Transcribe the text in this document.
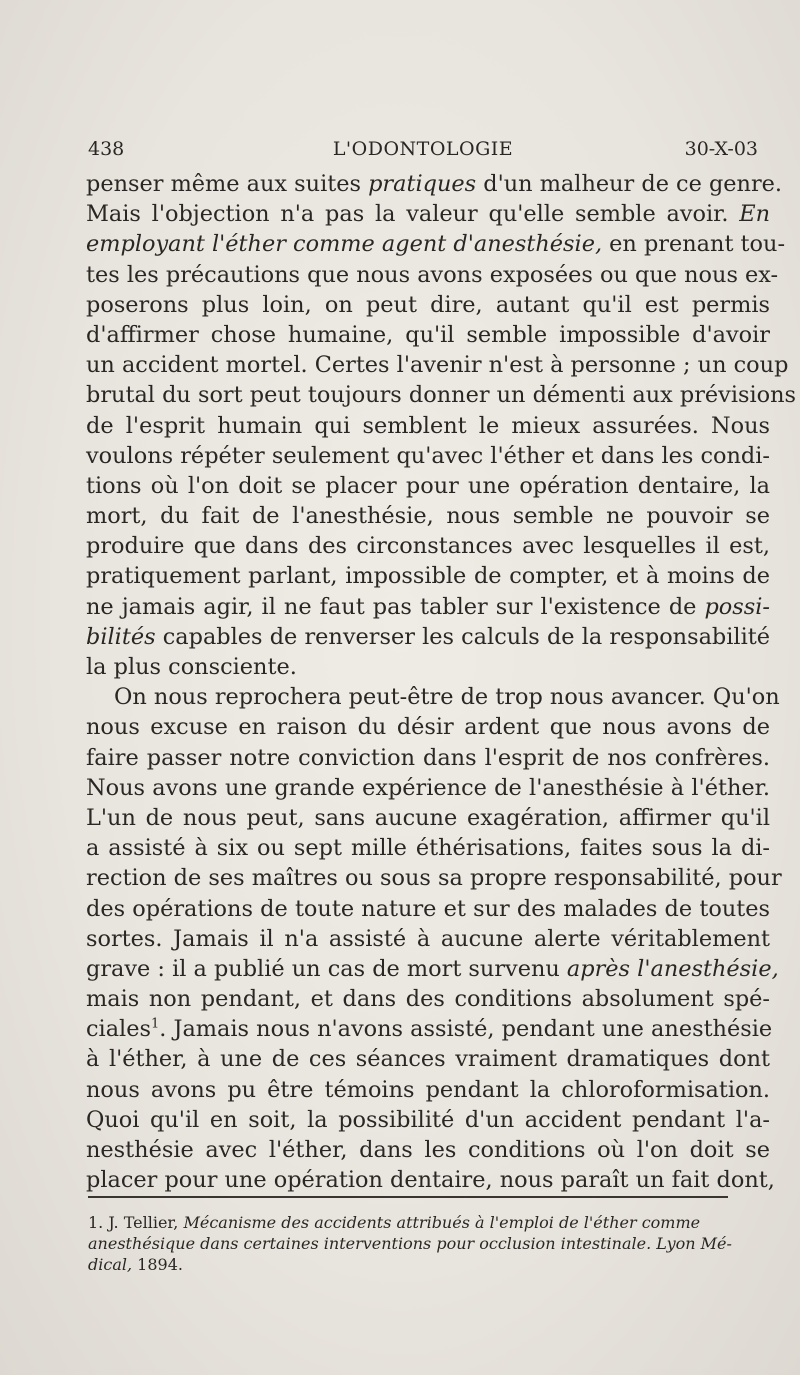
438	L'ODONTOLOGIE	30-X-03
penser même aux suites pratiques d'un malheur de ce genre.
Mais l'objection n'a pas la valeur qu'elle semble avoir. En
employant l'éther comme agent d'anesthésie, en prenant tou-
tes les précautions que nous avons exposées ou que nous ex-
poserons plus loin, on peut dire, autant qu'il est permis
d'affirmer chose humaine, qu'il semble impossible d'avoir
un accident mortel. Certes l'avenir n'est à personne ; un coup
brutal du sort peut toujours donner un démenti aux prévisions
de l'esprit humain qui semblent le mieux assurées. Nous
voulons répéter seulement qu'avec l'éther et dans les condi-
tions où l'on doit se placer pour une opération dentaire, la
mort, du fait de l'anesthésie, nous semble ne pouvoir se
produire que dans des circonstances avec lesquelles il est,
pratiquement parlant, impossible de compter, et à moins de
ne jamais agir, il ne faut pas tabler sur l'existence de possi-
bilités capables de renverser les calculs de la responsabilité
la plus consciente.
On nous reprochera peut-être de trop nous avancer. Qu'on
nous excuse en raison du désir ardent que nous avons de
faire passer notre conviction dans l'esprit de nos confrères.
Nous avons une grande expérience de l'anesthésie à l'éther.
L'un de nous peut, sans aucune exagération, affirmer qu'il
a assisté à six ou sept mille éthérisations, faites sous la di-
rection de ses maîtres ou sous sa propre responsabilité, pour
des opérations de toute nature et sur des malades de toutes
sortes. Jamais il n'a assisté à aucune alerte véritablement
grave : il a publié un cas de mort survenu après l'anesthésie,
mais non pendant, et dans des conditions absolument spé-
ciales$^1$. Jamais nous n'avons assisté, pendant une anesthésie
à l'éther, à une de ces séances vraiment dramatiques dont
nous avons pu être témoins pendant la chloroformisation.
Quoi qu'il en soit, la possibilité d'un accident pendant l'a-
nesthésie avec l'éther, dans les conditions où l'on doit se
placer pour une opération dentaire, nous paraît un fait dont,
1. J. Tellier, Mécanisme des accidents attribués à l'emploi de l'éther comme
anesthésique dans certaines interventions pour occlusion intestinale. Lyon Mé-
dical, 1894.
